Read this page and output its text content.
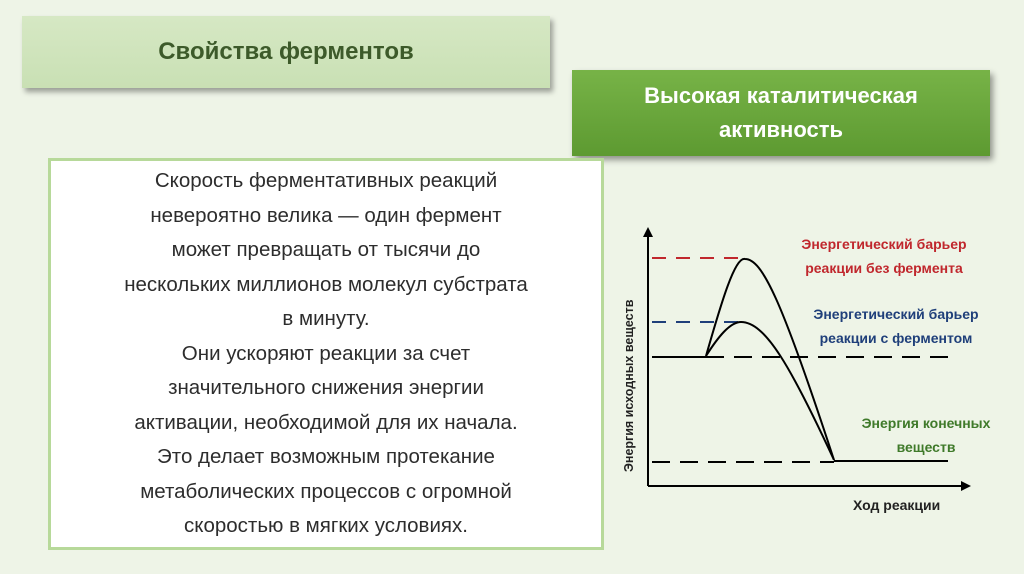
Свойства ферментов
Высокая каталитическая
активность
Скорость ферментативных реакций
невероятно велика — один фермент
может превращать от тысячи до
нескольких миллионов молекул субстрата
в минуту.
Они ускоряют реакции за счет
значительного снижения энергии
активации, необходимой для их начала.
Это делает возможным протекание
метаболических процессов с огромной
скоростью в мягких условиях.
Энергия исходных веществ
Ход реакции
Энергетический барьер
реакции без фермента
Энергетический барьер
реакции с ферментом
Энергия конечных
веществ
